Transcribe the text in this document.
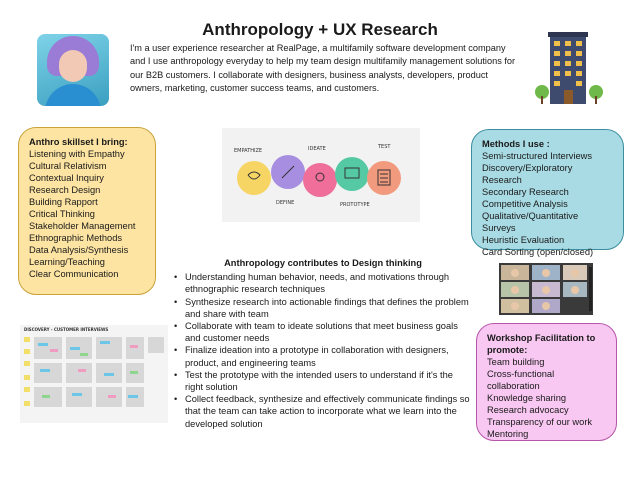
Anthropology + UX Research
I'm a user experience researcher at RealPage, a multifamily software development company and I use anthropology everyday to help my team design multifamily management solutions for our B2B customers. I collaborate with designers, business analysts, developers, product owners, marketing, customer success teams, and customers.
Anthro skillset I bring:
Listening with Empathy
Cultural Relativism
Contextual Inquiry
Research Design
Building Rapport
Critical Thinking
Stakeholder Management
Ethnographic Methods
Data Analysis/Synthesis
Learning/Teaching
Clear Communication
EMPATHIZE
DEFINE
IDEATE
PROTOTYPE
TEST	Methods I use :
Semi-structured Interviews
Discovery/Exploratory Research
Secondary Research
Competitive Analysis
Qualitative/Quantitative Surveys
Heuristic Evaluation
Card Sorting (open/closed)
DISCOVERY - CUSTOMER INTERVIEWS
Anthropology contributes to Design thinking
• Understanding human behavior, needs, and motivations through ethnographic research techniques
• Synthesize research into actionable findings that defines the problem and share with team
• Collaborate with team to ideate solutions that meet business goals and customer needs
• Finalize ideation into a prototype in collaboration with designers, product, and engineering teams
• Test the prototype with the intended users to understand if it's the right solution
• Collect feedback, synthesize and effectively communicate findings so that the team can take action to incorporate what we learn into the developed solution
Workshop Facilitation to promote:
Team building
Cross-functional collaboration
Knowledge sharing
Research advocacy
Transparency of our work
Mentoring
